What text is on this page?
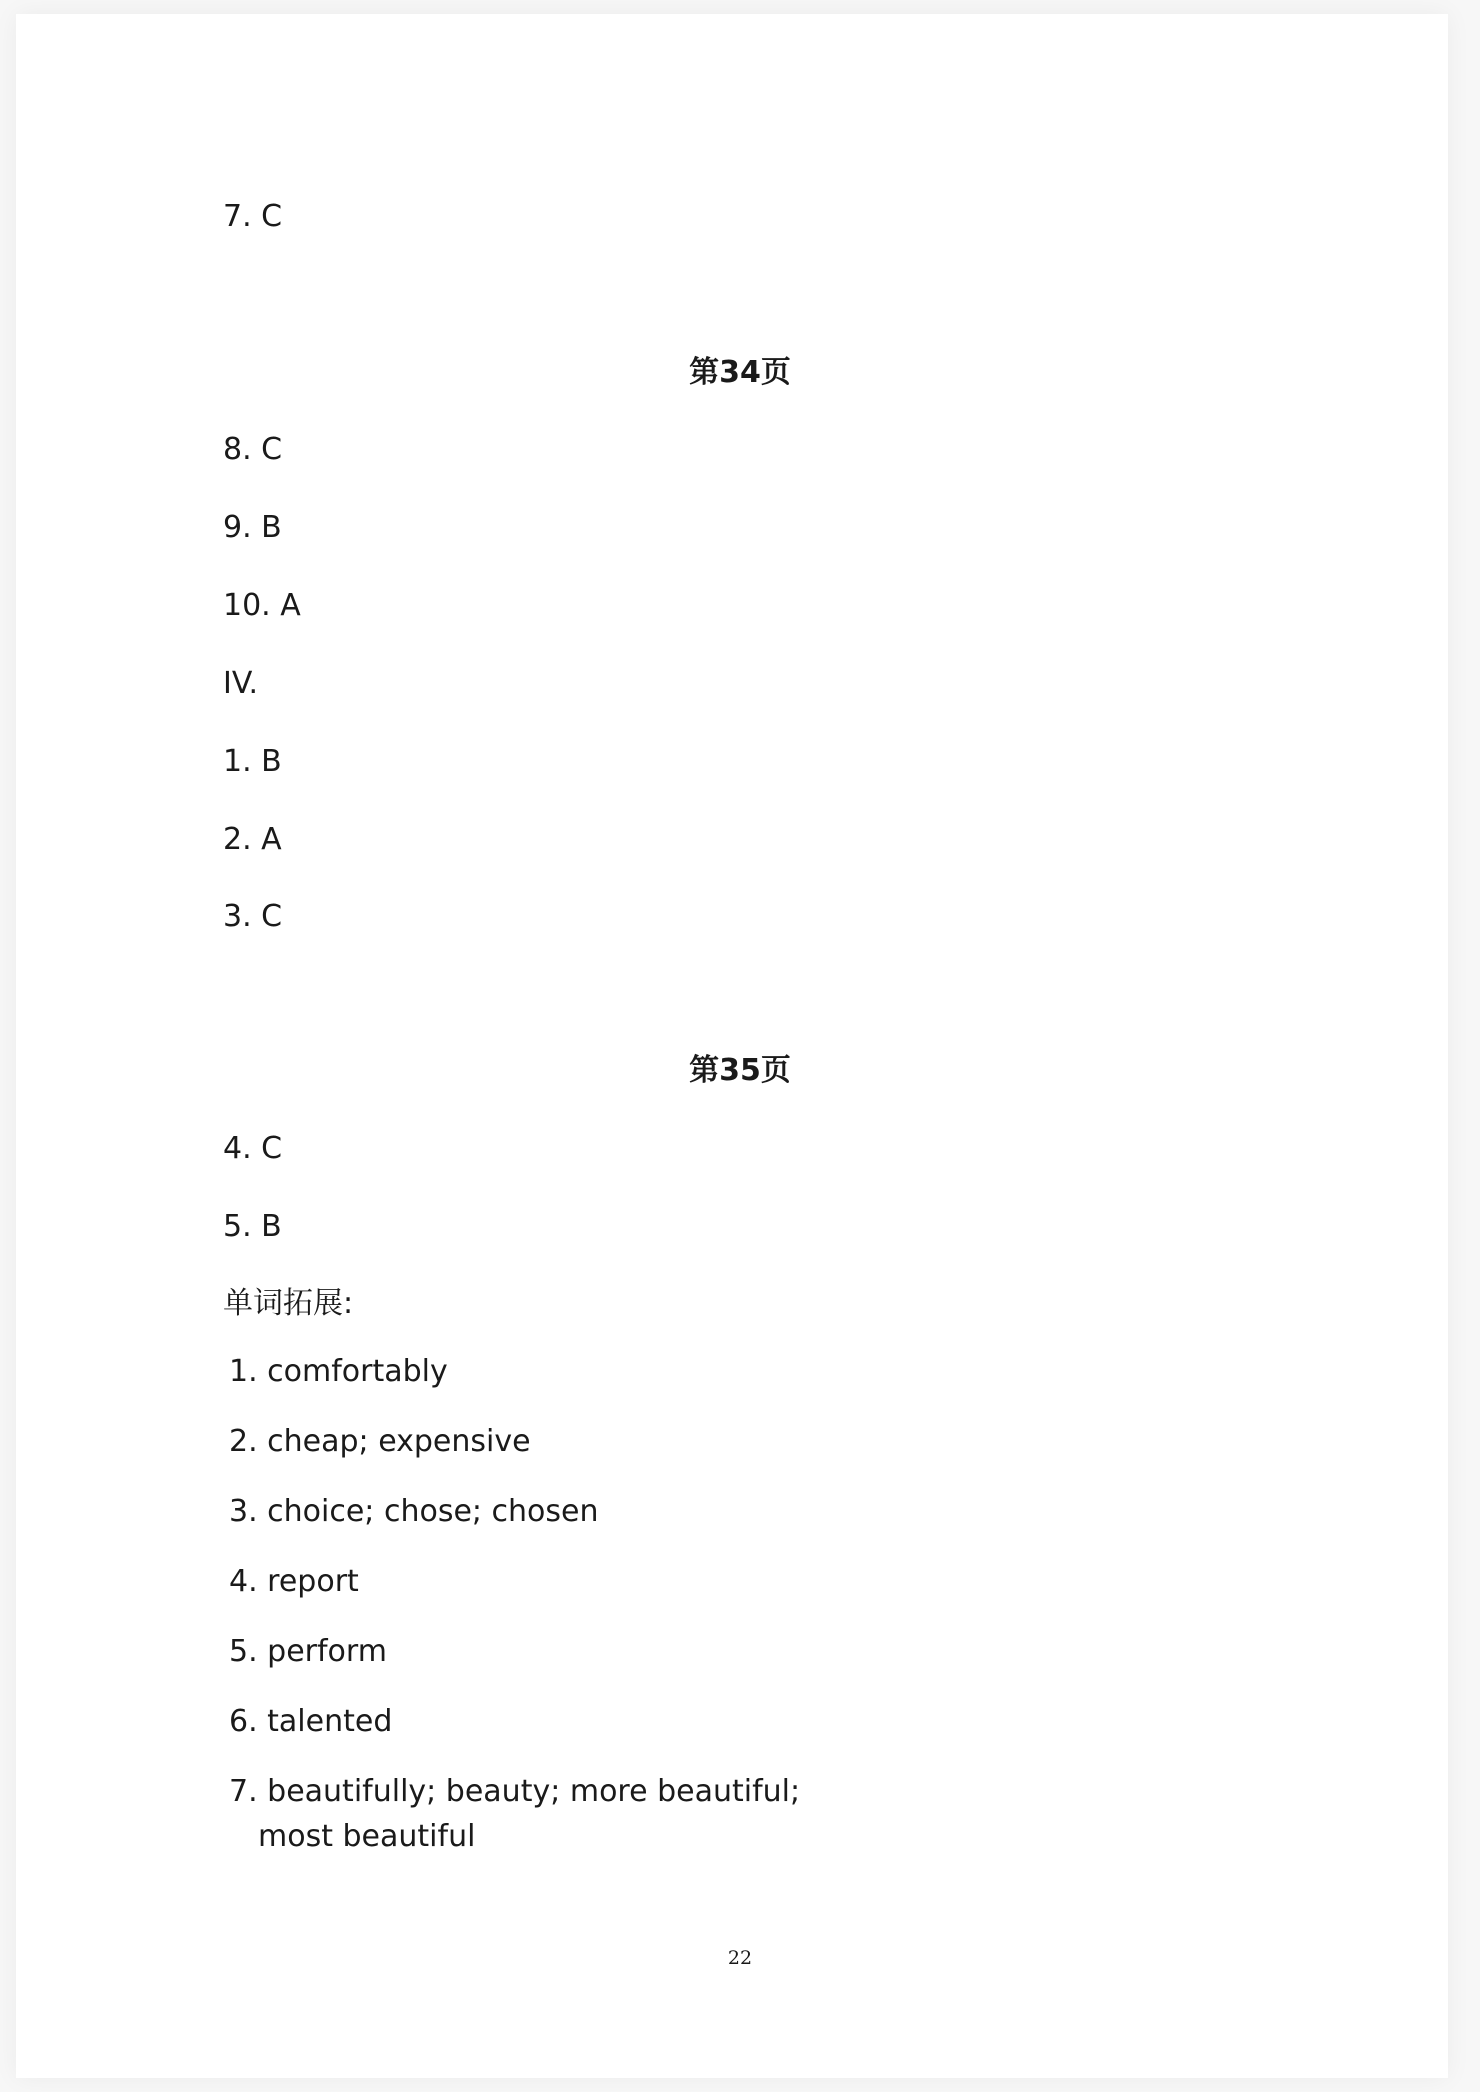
7. C
第34页
8. C
9. B
10. A
IV.
1. B
2. A
3. C
第35页
4. C
5. B
单词拓展:
1. comfortably
2. cheap; expensive
3. choice; chose; chosen
4. report
5. perform
6. talented
7. beautifully; beauty; more beautiful;
most beautiful
22
